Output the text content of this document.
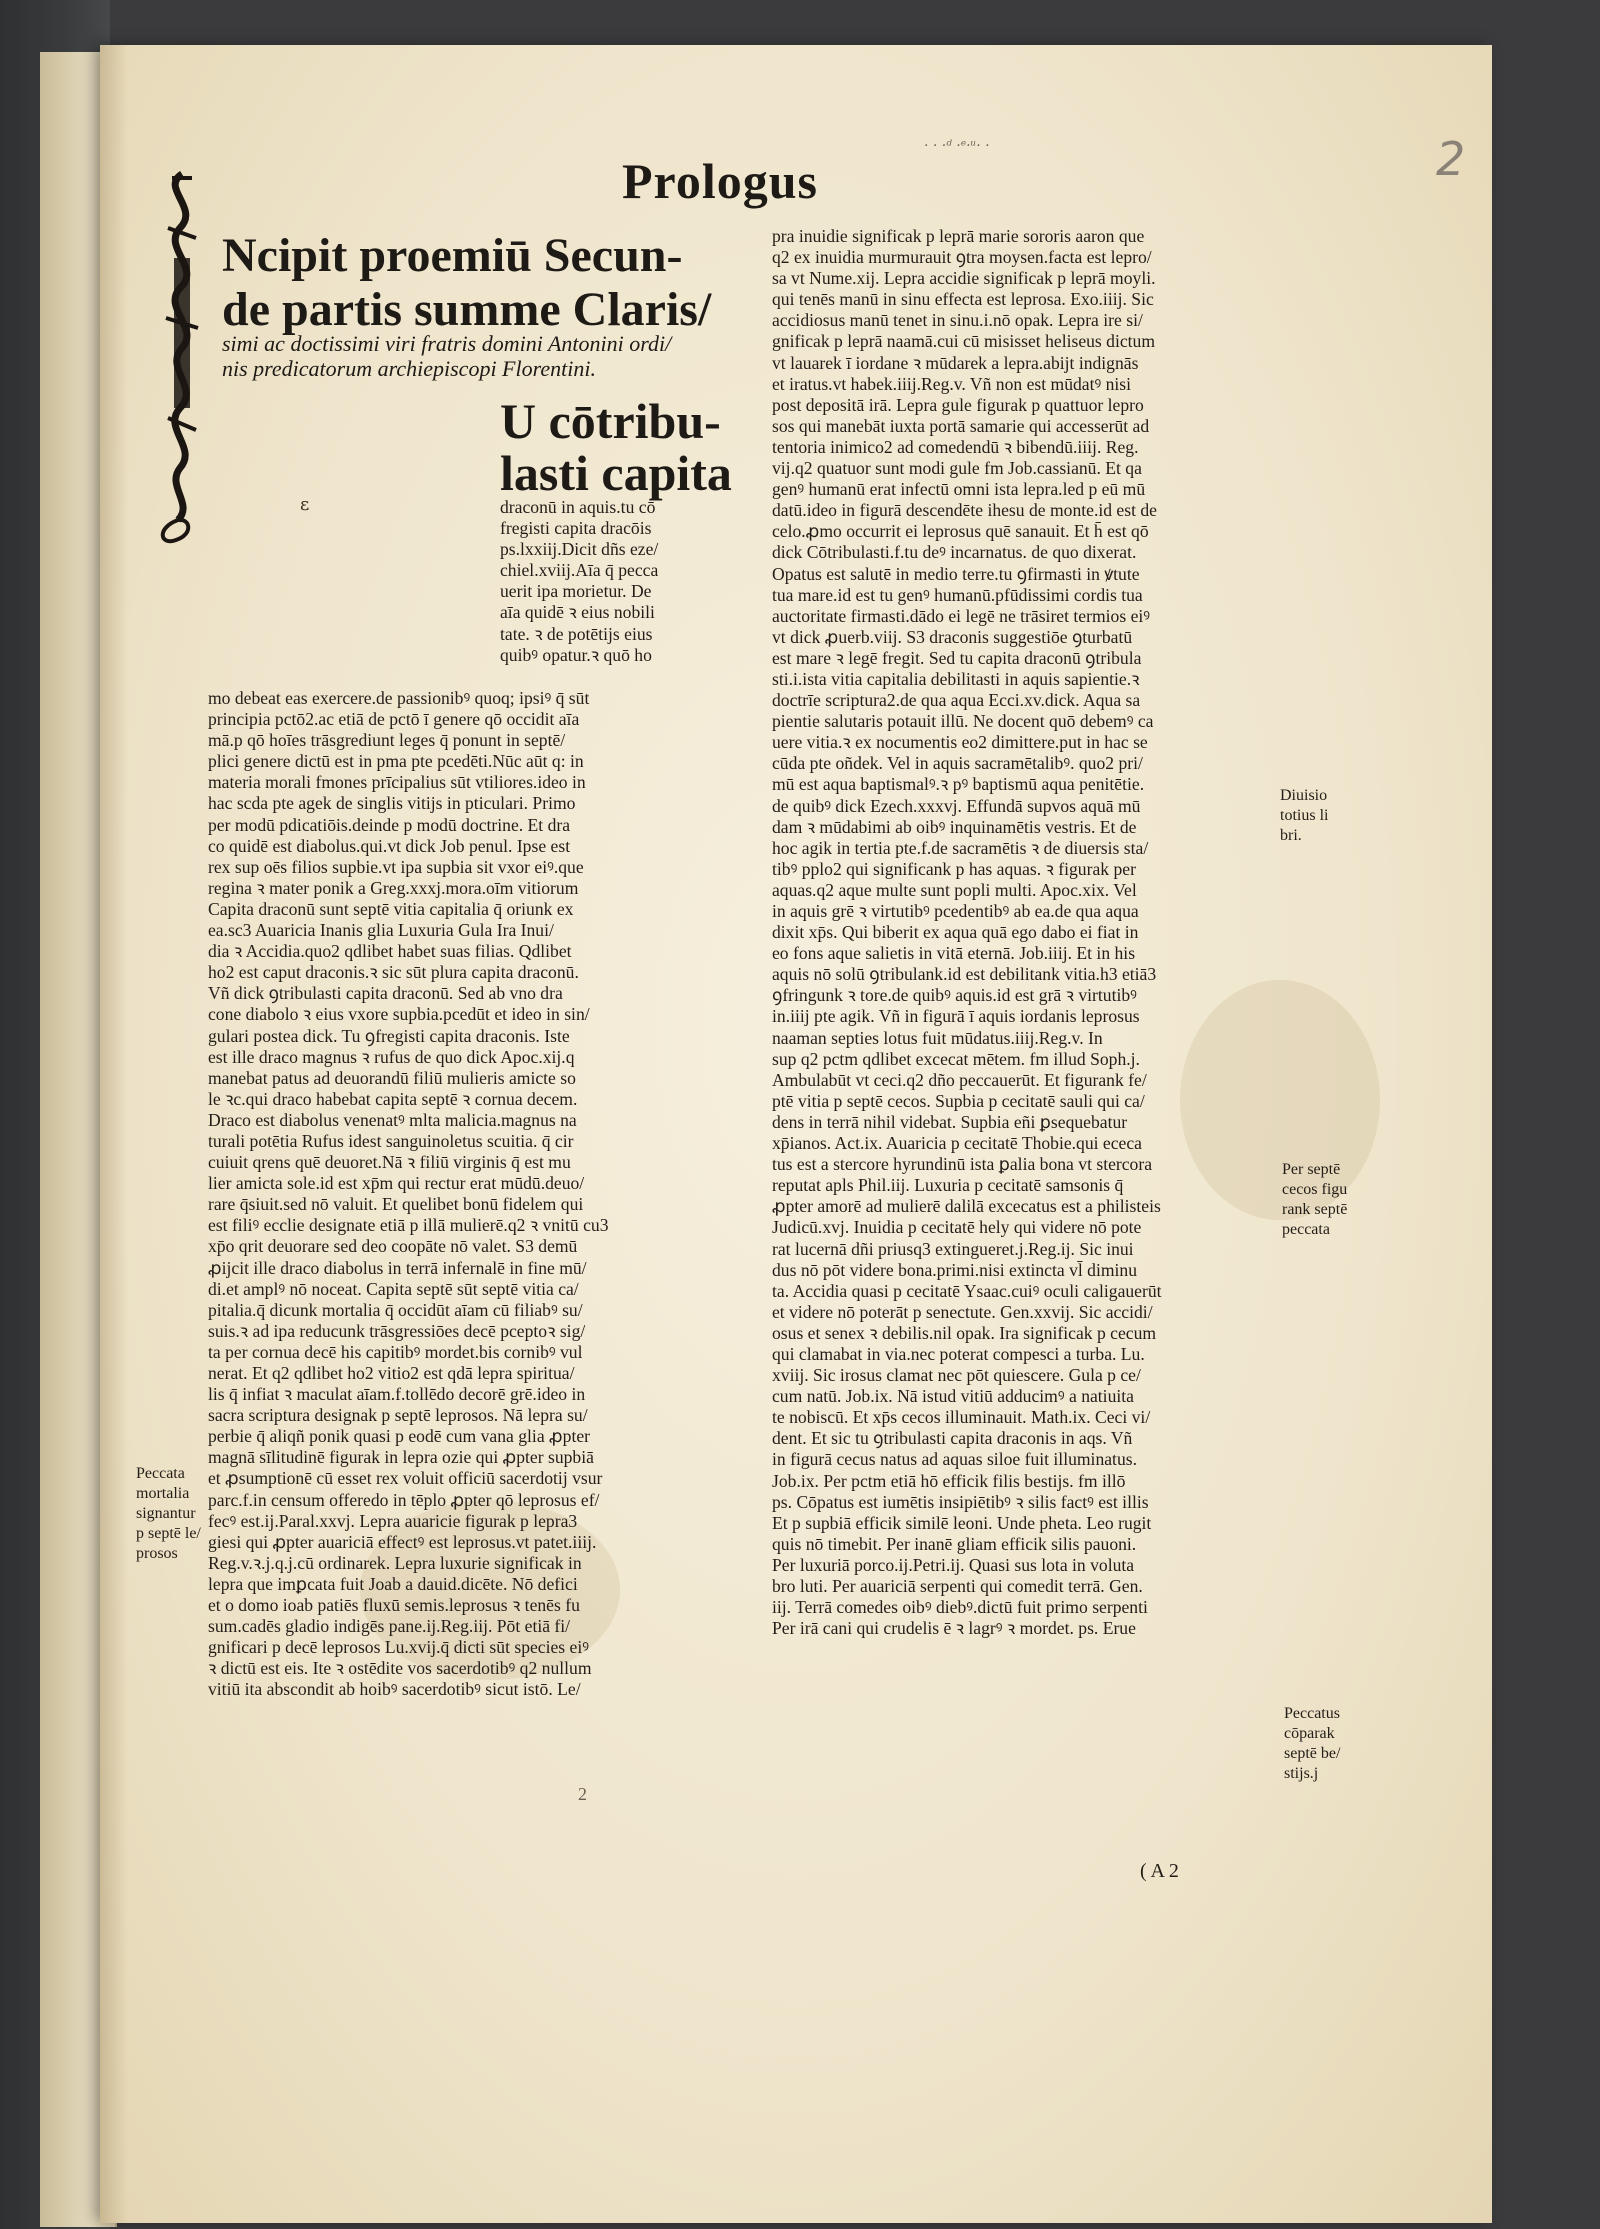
2
· · ·ᵈ ·ᵉ·ᵘ· ·
Prologus
Ncipit proemiū Secun-
de partis summe Claris/
simi ac doctissimi viri fratris domini Antonini ordi/
nis predicatorum archiepiscopi Florentini.
U cōtribu-
lasti capita
ɛ	draconū in aquis.tu cō
fregisti capita dracōis
ps.lxxiij.Dicit dñs eze/
chiel.xviij.Aīa q̄ pecca
uerit ipa morietur. De
aīa quidē ꝛ eius nobili
tate. ꝛ de potētijs eius
quibꝰ opatur.ꝛ quō ho
mo debeat eas exercere.de passionibꝰ quoq; ipsiꝰ q̄ sūt
principia pctō2.ac etiā de pctō ī genere qō occidit aīa
mā.p qō hoīes trāsgrediunt leges q̄ ponunt in septē/
plici genere dictū est in pma pte pcedēti.Nūc aūt q: in
materia morali fmones prīcipalius sūt vtiliores.ideo in
hac scda pte agek de singlis vitijs in pticulari. Primo
per modū pdicatiōis.deinde p modū doctrine. Et dra
co quidē est diabolus.qui.vt dick Job penul. Ipse est
rex sup oēs filios supbie.vt ipa supbia sit vxor eiꝰ.que
regina ꝛ mater ponik a Greg.xxxj.mora.oīm vitiorum
Capita draconū sunt septē vitia capitalia q̄ oriunk ex
ea.sc3 Auaricia Inanis glia Luxuria Gula Ira Inui/
dia ꝛ Accidia.quo2 qdlibet habet suas filias. Qdlibet
ho2 est caput draconis.ꝛ sic sūt plura capita draconū.
Vñ dick ꝯtribulasti capita draconū. Sed ab vno dra
cone diabolo ꝛ eius vxore supbia.pcedūt et ideo in sin/
gulari postea dick. Tu ꝯfregisti capita draconis. Iste
est ille draco magnus ꝛ rufus de quo dick Apoc.xij.q
manebat patus ad deuorandū filiū mulieris amicte so
le ꝛc.qui draco habebat capita septē ꝛ cornua decem.
Draco est diabolus venenatꝰ mlta malicia.magnus na
turali potētia Rufus idest sanguinoletus scuitia. q̄ cir
cuiuit qrens quē deuoret.Nā ꝛ filiū virginis q̄ est mu
lier amicta sole.id est xp̄m qui rectur erat mūdū.deuo/
rare q̄siuit.sed nō valuit. Et quelibet bonū fidelem qui
est filiꝰ ecclie designate etiā p illā mulierē.q2 ꝛ vnitū cu3
xp̄o qrit deuorare sed deo coopāte nō valet. S3 demū
ꝓijcit ille draco diabolus in terrā infernalē in fine mū/
di.et amplꝰ nō noceat. Capita septē sūt septē vitia ca/
pitalia.q̄ dicunk mortalia q̄ occidūt aīam cū filiabꝰ su/
suis.ꝛ ad ipa reducunk trāsgressiōes decē pceptoꝛ sig/
ta per cornua decē his capitibꝰ mordet.bis cornibꝰ vul
nerat. Et q2 qdlibet ho2 vitio2 est qdā lepra spiritua/
lis q̄ infiat ꝛ maculat aīam.f.tollēdo decorē grē.ideo in
sacra scriptura designak p septē leprosos. Nā lepra su/
perbie q̄ aliqñ ponik quasi p eodē cum vana glia ꝓpter
magnā sīlitudinē figurak in lepra ozie qui ꝓpter supbiā
et ꝓsumptionē cū esset rex voluit officiū sacerdotij vsur
parc.f.in censum offeredo in tēplo ꝓpter qō leprosus ef/
fecꝰ est.ij.Paral.xxvj. Lepra auaricie figurak p lepra3
giesi qui ꝓpter auariciā effectꝰ est leprosus.vt patet.iiij.
Reg.v.ꝛ.j.q.j.cū ordinarek. Lepra luxurie significak in
lepra que imꝑcata fuit Joab a dauid.dicēte. Nō defici
et o domo ioab patiēs fluxū semis.leprosus ꝛ tenēs fu
sum.cadēs gladio indigēs pane.ij.Reg.iij. Pōt etiā fi/
gnificari p decē leprosos Lu.xvij.q̄ dicti sūt species eiꝰ
ꝛ dictū est eis. Ite ꝛ ostēdite vos sacerdotibꝰ q2 nullum
vitiū ita abscondit ab hoibꝰ sacerdotibꝰ sicut istō. Le/
pra inuidie significak p leprā marie sororis aaron que
q2 ex inuidia murmurauit ꝯtra moysen.facta est lepro/
sa vt Nume.xij. Lepra accidie significak p leprā moyli.
qui tenēs manū in sinu effecta est leprosa. Exo.iiij. Sic
accidiosus manū tenet in sinu.i.nō opak. Lepra ire si/
gnificak p leprā naamā.cui cū misisset heliseus dictum
vt lauarek ī iordane ꝛ mūdarek a lepra.abijt indignās
et iratus.vt habek.iiij.Reg.v. Vñ non est mūdatꝰ nisi
post depositā irā. Lepra gule figurak p quattuor lepro
sos qui manebāt iuxta portā samarie qui accesserūt ad
tentoria inimico2 ad comedendū ꝛ bibendū.iiij. Reg.
vij.q2 quatuor sunt modi gule fm Job.cassianū. Et qa
genꝰ humanū erat infectū omni ista lepra.led p eū mū
datū.ideo in figurā descendēte ihesu de monte.id est de
celo.ꝓmo occurrit ei leprosus quē sanauit. Et h̄ est qō
dick Cōtribulasti.f.tu deꝰ incarnatus. de quo dixerat.
Opatus est salutē in medio terre.tu ꝯfirmasti in ꝟtute
tua mare.id est tu genꝰ humanū.pfūdissimi cordis tua
auctoritate firmasti.dādo ei legē ne trāsiret termios eiꝰ
vt dick ꝓuerb.viij. S3 draconis suggestiōe ꝯturbatū
est mare ꝛ legē fregit. Sed tu capita draconū ꝯtribula
sti.i.ista vitia capitalia debilitasti in aquis sapientie.ꝛ
doctrīe scriptura2.de qua aqua Ecci.xv.dick. Aqua sa
pientie salutaris potauit illū. Ne docent quō debemꝰ ca
uere vitia.ꝛ ex nocumentis eo2 dimittere.put in hac se
cūda pte oñdek. Vel in aquis sacramētalibꝰ. quo2 pri/
mū est aqua baptismalꝰ.ꝛ pꝰ baptismū aqua penitētie.
de quibꝰ dick Ezech.xxxvj. Effundā supvos aquā mū
dam ꝛ mūdabimi ab oibꝰ inquinamētis vestris. Et de
hoc agik in tertia pte.f.de sacramētis ꝛ de diuersis sta/
tibꝰ pplo2 qui significank p has aquas. ꝛ figurak per
aquas.q2 aque multe sunt popli multi. Apoc.xix. Vel
in aquis grē ꝛ virtutibꝰ pcedentibꝰ ab ea.de qua aqua
dixit xp̄s. Qui biberit ex aqua quā ego dabo ei fiat in
eo fons aque salietis in vitā eternā. Job.iiij. Et in his
aquis nō solū ꝯtribulank.id est debilitank vitia.h3 etiā3
ꝯfringunk ꝛ tore.de quibꝰ aquis.id est grā ꝛ virtutibꝰ
in.iiij pte agik. Vñ in figurā ī aquis iordanis leprosus
naaman septies lotus fuit mūdatus.iiij.Reg.v. In
sup q2 pctm qdlibet excecat mētem. fm illud Soph.j.
Ambulabūt vt ceci.q2 dño peccauerūt. Et figurank fe/
ptē vitia p septē cecos. Supbia p cecitatē sauli qui ca/
dens in terrā nihil videbat. Supbia eñi ꝑsequebatur
xp̄ianos. Act.ix. Auaricia p cecitatē Thobie.qui ececa
tus est a stercore hyrundinū ista ꝑalia bona vt stercora
reputat apls Phil.iij. Luxuria p cecitatē samsonis q̄
ꝓpter amorē ad mulierē dalilā excecatus est a philisteis
Judicū.xvj. Inuidia p cecitatē hely qui videre nō pote
rat lucernā dñi priusq3 extingueret.j.Reg.ij. Sic inui
dus nō pōt videre bona.primi.nisi extincta vl̄ diminu
ta. Accidia quasi p cecitatē Ysaac.cuiꝰ oculi caligauerūt
et videre nō poterāt p senectute. Gen.xxvij. Sic accidi/
osus et senex ꝛ debilis.nil opak. Ira significak p cecum
qui clamabat in via.nec poterat compesci a turba. Lu.
xviij. Sic irosus clamat nec pōt quiescere. Gula p ce/
cum natū. Job.ix. Nā istud vitiū adducimꝰ a natiuita
te nobiscū. Et xp̄s cecos illuminauit. Math.ix. Ceci vi/
dent. Et sic tu ꝯtribulasti capita draconis in aqs. Vñ
in figurā cecus natus ad aquas siloe fuit illuminatus.
Job.ix. Per pctm etiā hō efficik filis bestijs. fm illō
ps. Cōpatus est iumētis insipiētibꝰ ꝛ silis factꝰ est illis
Et p supbiā efficik similē leoni. Unde pheta. Leo rugit
quis nō timebit. Per inanē gliam efficik silis pauoni.
Per luxuriā porco.ij.Petri.ij. Quasi sus lota in voluta
bro luti. Per auariciā serpenti qui comedit terrā. Gen.
iij. Terrā comedes oibꝰ diebꝰ.dictū fuit primo serpenti
Per irā cani qui crudelis ē ꝛ lagrꝰ ꝛ mordet. ps. Erue
Diuisio
totius li
bri.
Per septē
cecos figu
rank septē
peccata
Peccata
mortalia
signantur
p septē le/
prosos
Peccatus
cōparak
septē be/
stijs.j
2
( A 2
